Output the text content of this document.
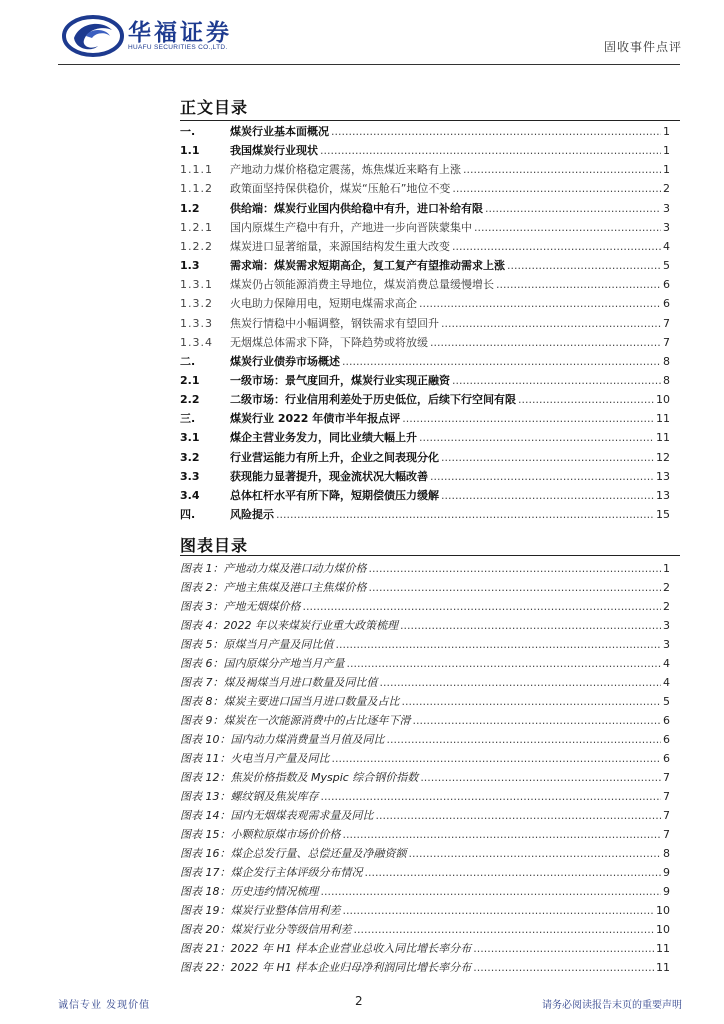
华福证券
HUAFU SECURITIES CO.,LTD.	固收事件点评
正文目录
一.	煤炭行业基本面概况 .....	1
1.1	我国煤炭行业现状 .....	1
1.1.1	产地动力煤价格稳定震荡，炼焦煤近来略有上涨 .....	1
1.1.2	政策面坚持保供稳价，煤炭“压舱石”地位不变 .....	2
1.2	供给端：煤炭行业国内供给稳中有升，进口补给有限 .....	3
1.2.1	国内原煤生产稳中有升，产地进一步向晋陕蒙集中 .....	3
1.2.2	煤炭进口显著缩量，来源国结构发生重大改变 .....	4
1.3	需求端：煤炭需求短期高企，复工复产有望推动需求上涨 .....	5
1.3.1	煤炭仍占领能源消费主导地位，煤炭消费总量缓慢增长 .....	6
1.3.2	火电助力保障用电，短期电煤需求高企 .....	6
1.3.3	焦炭行情稳中小幅调整，钢铁需求有望回升 .....	7
1.3.4	无烟煤总体需求下降，下降趋势或将放缓 .....	7
二.	煤炭行业债券市场概述 .....	8
2.1	一级市场：景气度回升，煤炭行业实现正融资 .....	8
2.2	二级市场：行业信用利差处于历史低位，后续下行空间有限 .....	10
三.	煤炭行业 2022 年债市半年报点评 .....	11
3.1	煤企主营业务发力，同比业绩大幅上升 .....	11
3.2	行业营运能力有所上升，企业之间表现分化 .....	12
3.3	获现能力显著提升，现金流状况大幅改善 .....	13
3.4	总体杠杆水平有所下降，短期偿债压力缓解 .....	13
四.	风险提示 .....	15
图表目录
图表 1：产地动力煤及港口动力煤价格 .....	1
图表 2：产地主焦煤及港口主焦煤价格 .....	2
图表 3：产地无烟煤价格 .....	2
图表 4：2022 年以来煤炭行业重大政策梳理 .....	3
图表 5：原煤当月产量及同比值 .....	3
图表 6：国内原煤分产地当月产量 .....	4
图表 7：煤及褐煤当月进口数量及同比值 .....	4
图表 8：煤炭主要进口国当月进口数量及占比 .....	5
图表 9：煤炭在一次能源消费中的占比逐年下滑 .....	6
图表 10：国内动力煤消费量当月值及同比 .....	6
图表 11：火电当月产量及同比 .....	6
图表 12：焦炭价格指数及 Myspic 综合钢价指数 .....	7
图表 13：螺纹钢及焦炭库存 .....	7
图表 14：国内无烟煤表观需求量及同比 .....	7
图表 15：小颗粒原煤市场价价格 .....	7
图表 16：煤企总发行量、总偿还量及净融资额 .....	8
图表 17：煤企发行主体评级分布情况 .....	9
图表 18：历史违约情况梳理 .....	9
图表 19：煤炭行业整体信用利差 .....	10
图表 20：煤炭行业分等级信用利差 .....	10
图表 21：2022 年 H1 样本企业营业总收入同比增长率分布 .....	11
图表 22：2022 年 H1 样本企业归母净利润同比增长率分布 .....	11
诚信专业 发现价值	2	请务必阅读报告末页的重要声明
